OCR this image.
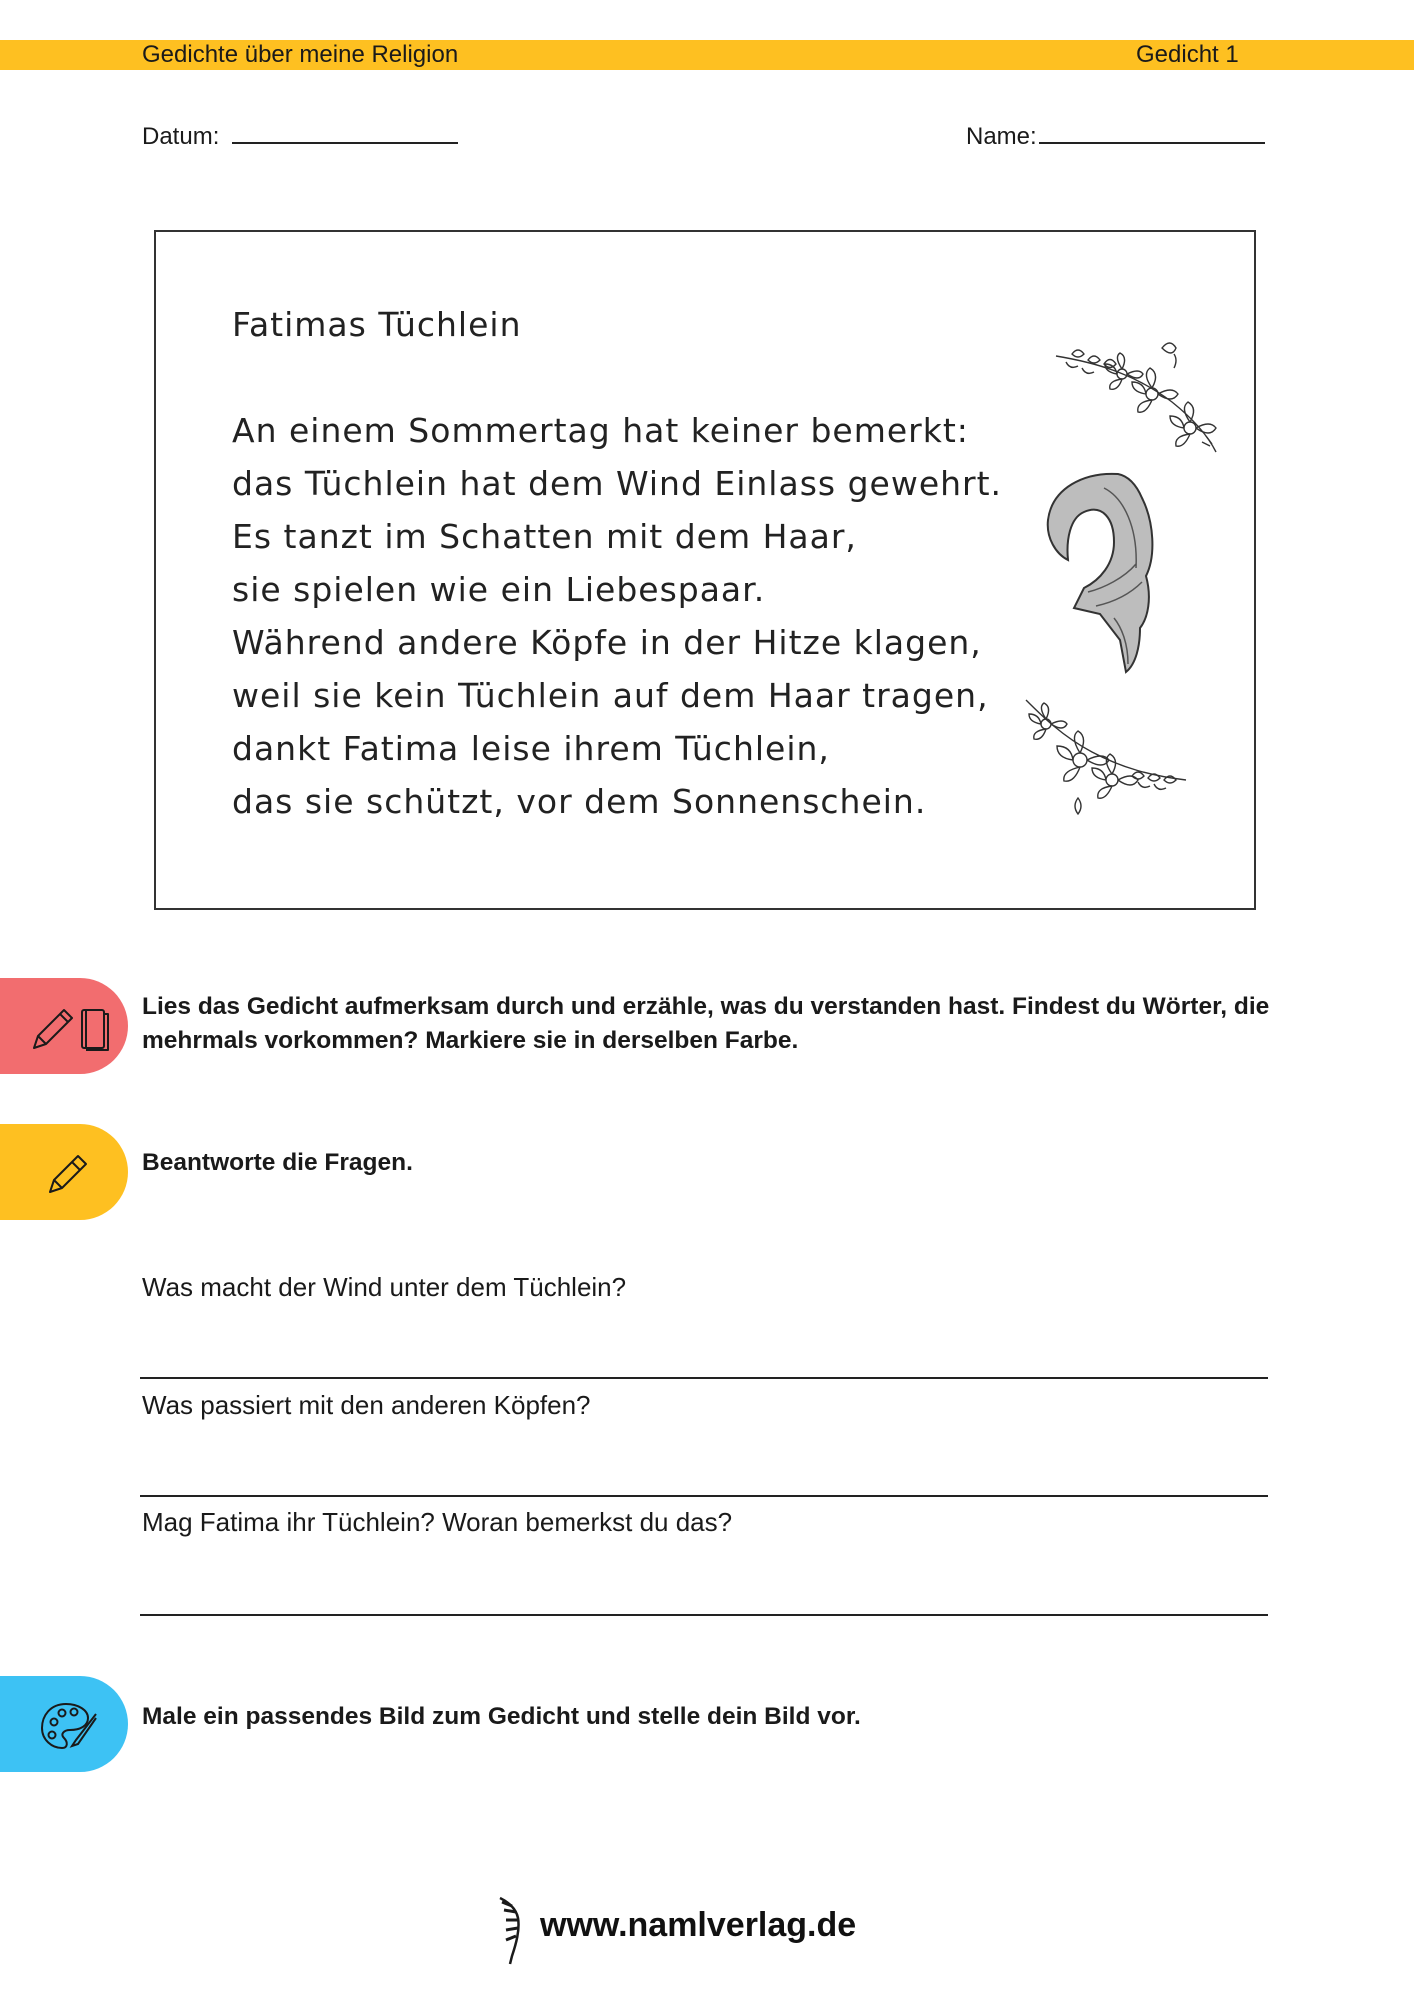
Gedichte über meine Religion	Gedicht 1
Datum:	Name:
Fatimas Tüchlein
An einem Sommertag hat keiner bemerkt:
das Tüchlein hat dem Wind Einlass gewehrt.
Es tanzt im Schatten mit dem Haar,
sie spielen wie ein Liebespaar.
Während andere Köpfe in der Hitze klagen,
weil sie kein Tüchlein auf dem Haar tragen,
dankt Fatima leise ihrem Tüchlein,
das sie schützt, vor dem Sonnenschein.
Lies das Gedicht aufmerksam durch und erzähle, was du verstanden hast. Findest du Wörter, die mehrmals vorkommen? Markiere sie in derselben Farbe.
Beantworte die Fragen.
Was macht der Wind unter dem Tüchlein?
Was passiert mit den anderen Köpfen?
Mag Fatima ihr Tüchlein? Woran bemerkst du das?
Male ein passendes Bild zum Gedicht und stelle dein Bild vor.
www.namlverlag.de
